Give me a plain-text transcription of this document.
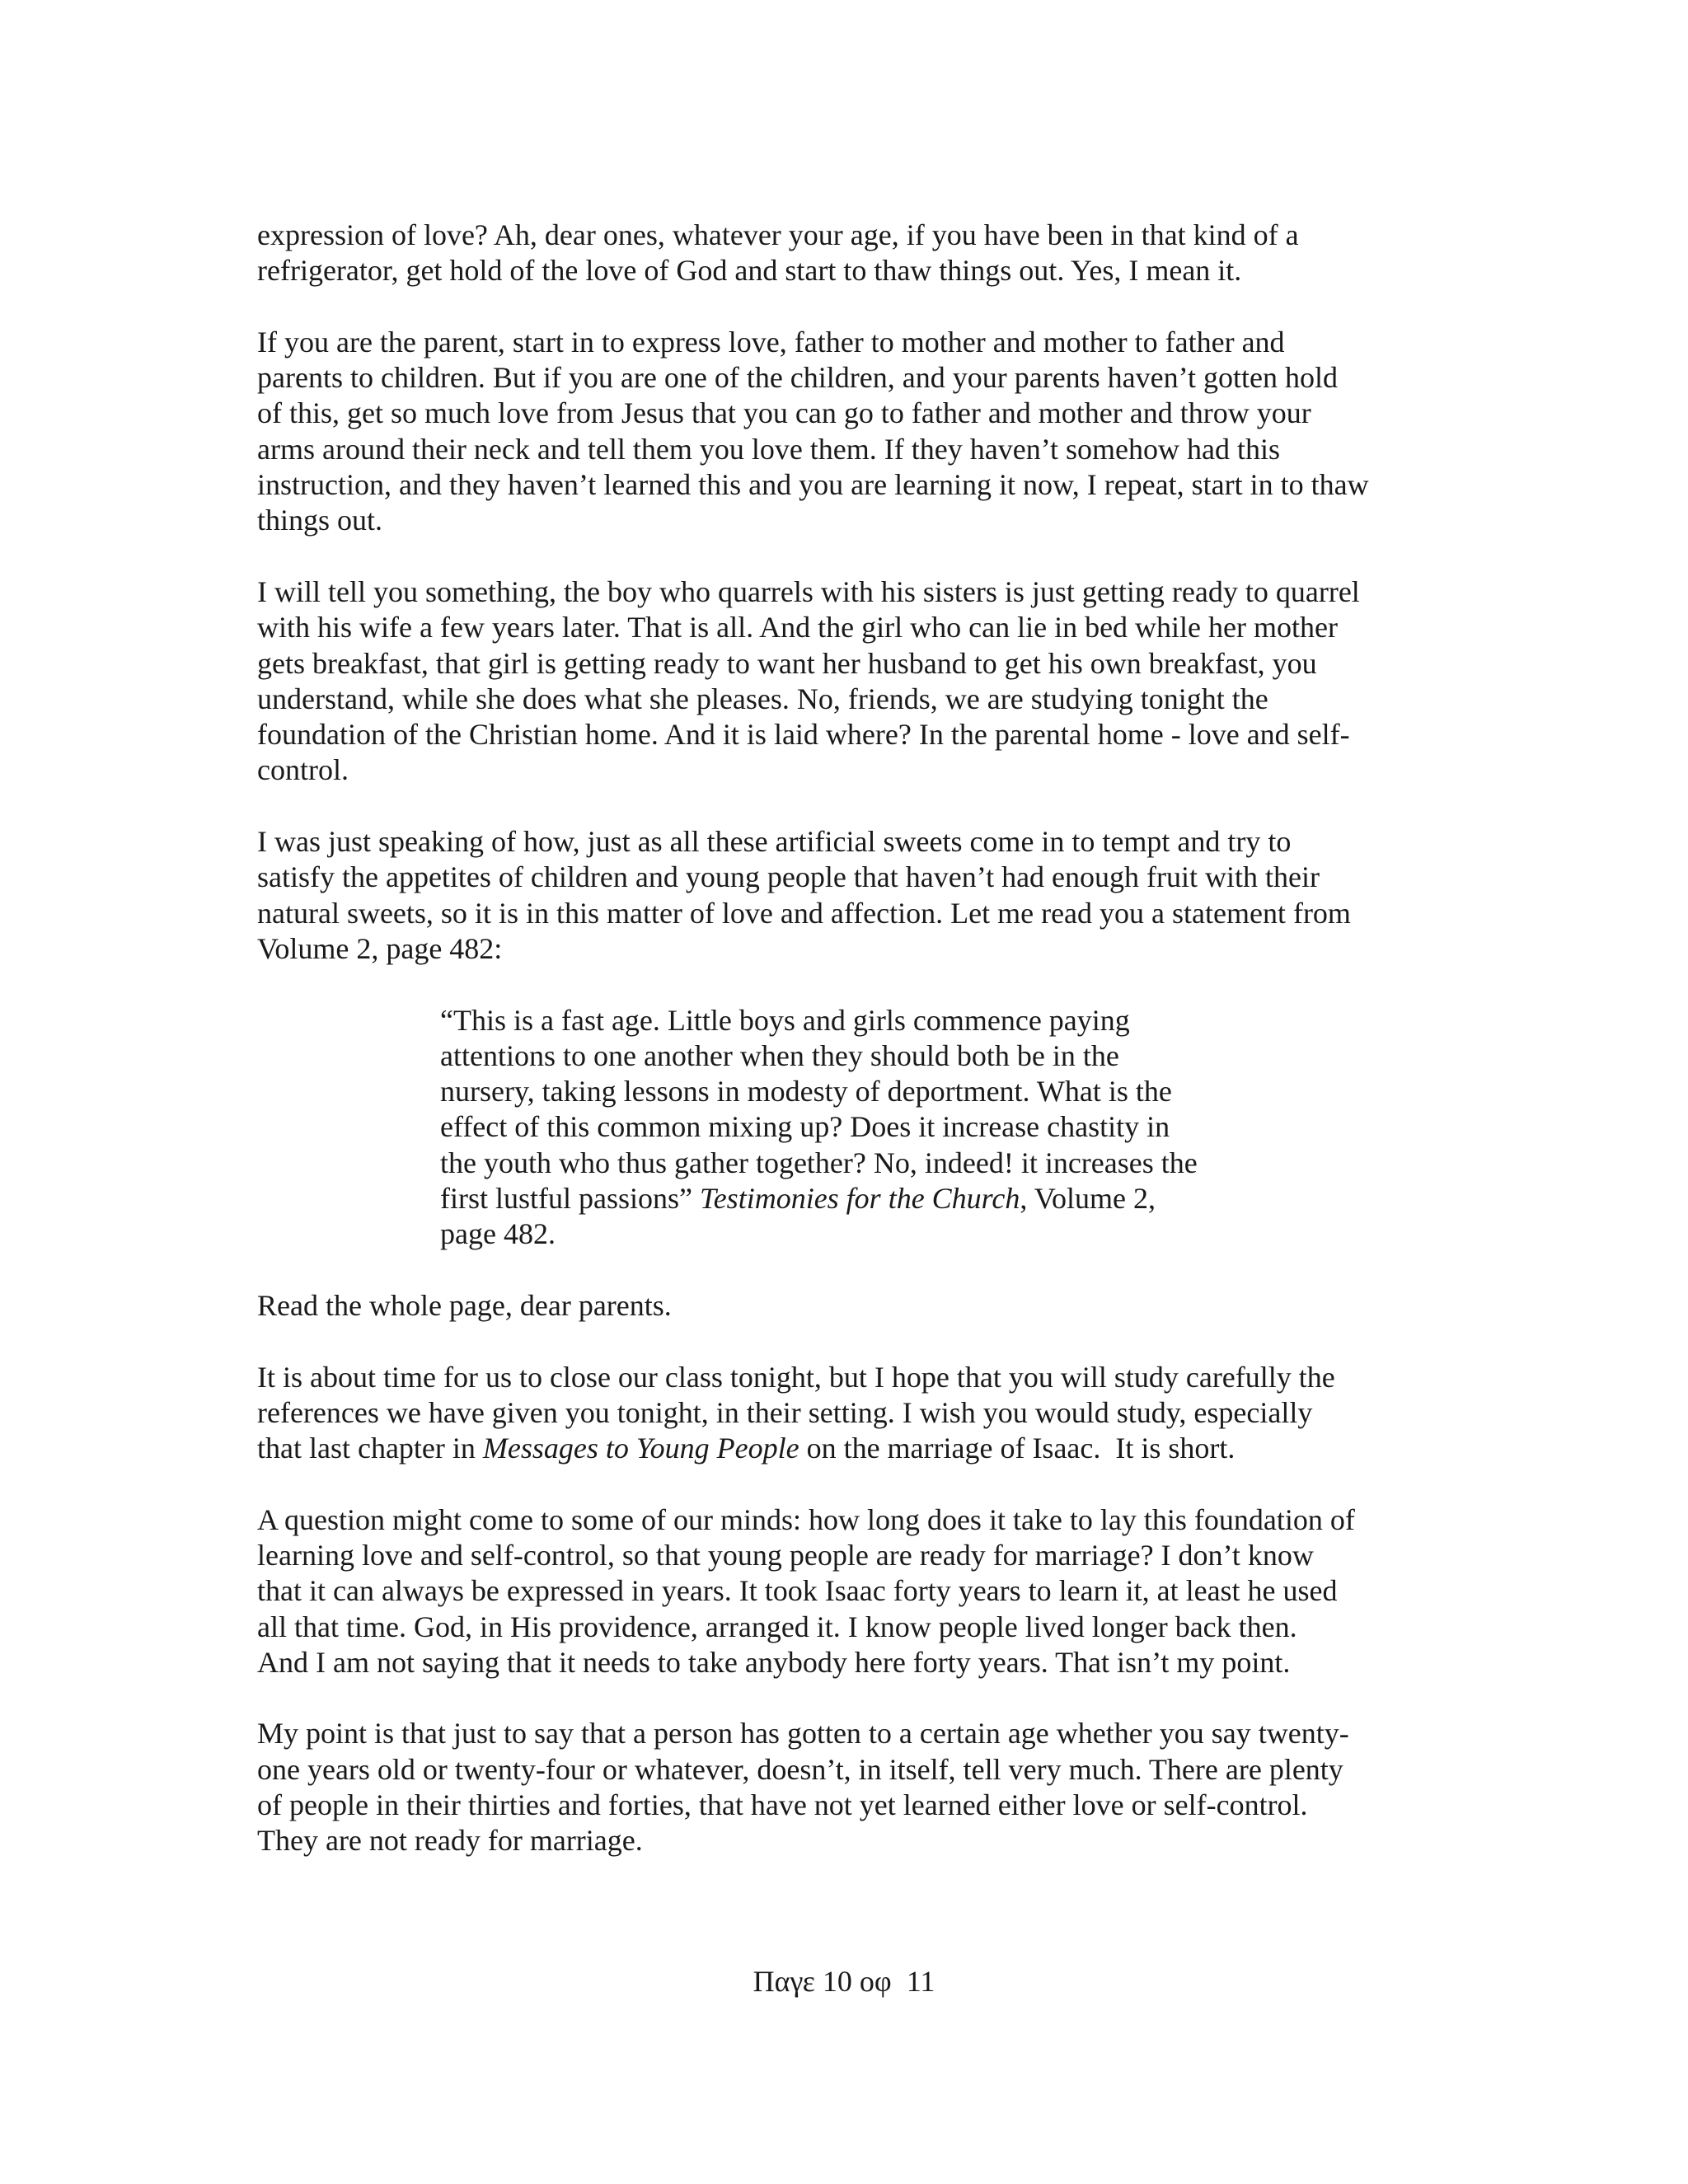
expression of love? Ah, dear ones, whatever your age, if you have been in that kind of a
refrigerator, get hold of the love of God and start to thaw things out. Yes, I mean it.

If you are the parent, start in to express love, father to mother and mother to father and
parents to children. But if you are one of the children, and your parents haven’t gotten hold
of this, get so much love from Jesus that you can go to father and mother and throw your
arms around their neck and tell them you love them. If they haven’t somehow had this
instruction, and they haven’t learned this and you are learning it now, I repeat, start in to thaw
things out.

I will tell you something, the boy who quarrels with his sisters is just getting ready to quarrel
with his wife a few years later. That is all. And the girl who can lie in bed while her mother
gets breakfast, that girl is getting ready to want her husband to get his own breakfast, you
understand, while she does what she pleases. No, friends, we are studying tonight the
foundation of the Christian home. And it is laid where? In the parental home - love and self-
control.

I was just speaking of how, just as all these artificial sweets come in to tempt and try to
satisfy the appetites of children and young people that haven’t had enough fruit with their
natural sweets, so it is in this matter of love and affection. Let me read you a statement from
Volume 2, page 482:

“This is a fast age. Little boys and girls commence paying
attentions to one another when they should both be in the
nursery, taking lessons in modesty of deportment. What is the
effect of this common mixing up? Does it increase chastity in
the youth who thus gather together? No, indeed! it increases the
first lustful passions” Testimonies for the Church, Volume 2,
page 482.

Read the whole page, dear parents.

It is about time for us to close our class tonight, but I hope that you will study carefully the
references we have given you tonight, in their setting. I wish you would study, especially
that last chapter in Messages to Young People on the marriage of Isaac.  It is short.

A question might come to some of our minds: how long does it take to lay this foundation of
learning love and self-control, so that young people are ready for marriage? I don’t know
that it can always be expressed in years. It took Isaac forty years to learn it, at least he used
all that time. God, in His providence, arranged it. I know people lived longer back then.
And I am not saying that it needs to take anybody here forty years. That isn’t my point.

My point is that just to say that a person has gotten to a certain age whether you say twenty-
one years old or twenty-four or whatever, doesn’t, in itself, tell very much. There are plenty
of people in their thirties and forties, that have not yet learned either love or self-control.
They are not ready for marriage.

Παγε 10 οφ  11
